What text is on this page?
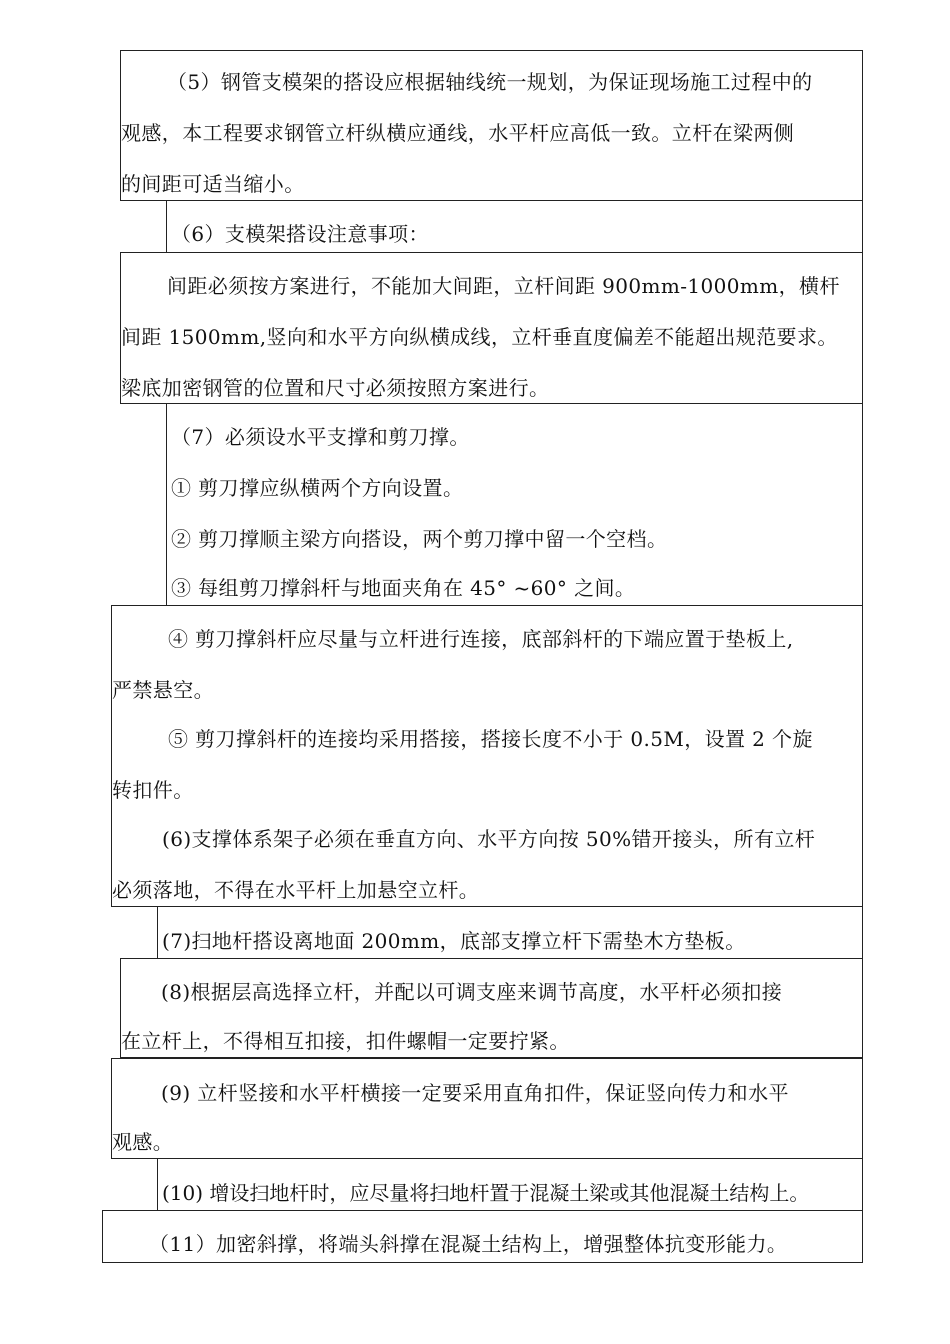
（5）钢管支模架的搭设应根据轴线统一规划，为保证现场施工过程中的
观感，本工程要求钢管立杆纵横应通线，水平杆应高低一致。立杆在梁两侧
的间距可适当缩小。
（6）支模架搭设注意事项：
间距必须按方案进行，不能加大间距，立杆间距 900mm-1000mm，横杆
间距 1500mm,竖向和水平方向纵横成线，立杆垂直度偏差不能超出规范要求。
梁底加密钢管的位置和尺寸必须按照方案进行。
（7）必须设水平支撑和剪刀撑。
① 剪刀撑应纵横两个方向设置。
② 剪刀撑顺主梁方向搭设，两个剪刀撑中留一个空档。
③ 每组剪刀撑斜杆与地面夹角在 45° ~60° 之间。
④ 剪刀撑斜杆应尽量与立杆进行连接，底部斜杆的下端应置于垫板上,
严禁悬空。
⑤ 剪刀撑斜杆的连接均采用搭接，搭接长度不小于 0.5M，设置 2 个旋
转扣件。
(6)支撑体系架子必须在垂直方向、水平方向按 50%错开接头，所有立杆
必须落地，不得在水平杆上加悬空立杆。
(7)扫地杆搭设离地面 200mm，底部支撑立杆下需垫木方垫板。
(8)根据层高选择立杆，并配以可调支座来调节高度，水平杆必须扣接
在立杆上，不得相互扣接，扣件螺帽一定要拧紧。
(9) 立杆竖接和水平杆横接一定要采用直角扣件，保证竖向传力和水平
观感。
(10) 增设扫地杆时，应尽量将扫地杆置于混凝土梁或其他混凝土结构上。
（11）加密斜撑，将端头斜撑在混凝土结构上，增强整体抗变形能力。
